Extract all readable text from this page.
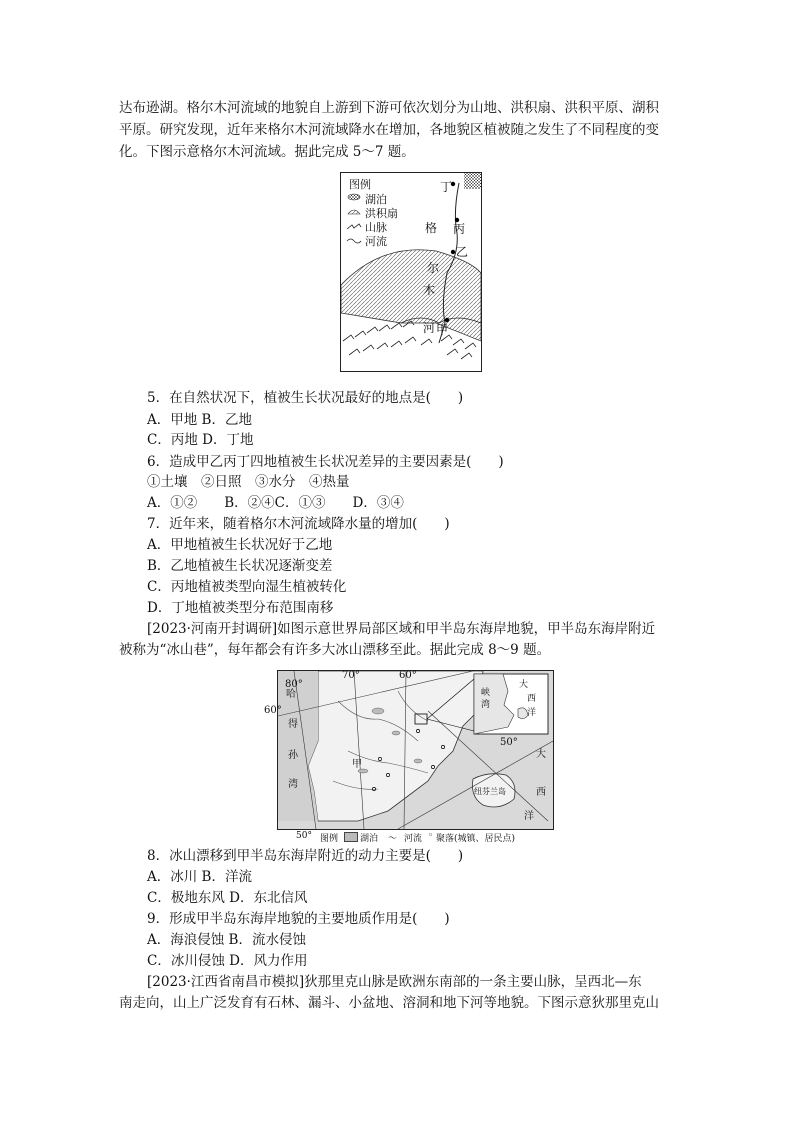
达布逊湖。格尔木河流域的地貌自上游到下游可依次划分为山地、洪积扇、洪积平原、湖积
平原。研究发现，近年来格尔木河流域降水在增加，各地貌区植被随之发生了不同程度的变
化。下图示意格尔木河流域。据此完成 5～7 题。
图例
湖泊
洪积扇
山脉
河流
丁
丙
乙
甲
格
尔
木
河
5．在自然状况下，植被生长状况最好的地点是(　　)
A．甲地 B．乙地
C．丙地 D．丁地
6．造成甲乙丙丁四地植被生长状况差异的主要因素是(　　)
①土壤　②日照　③水分　④热量
A．①②　　B．②④C．①③　　D．③④
7．近年来，随着格尔木河流域降水量的增加(　　)
A．甲地植被生长状况好于乙地
B．乙地植被生长状况逐渐变差
C．丙地植被类型向湿生植被转化
D．丁地植被类型分布范围南移
[2023·河南开封调研]如图示意世界局部区域和甲半岛东海岸地貌，甲半岛东海岸附近
被称为“冰山巷”，每年都会有许多大冰山漂移至此。据此完成 8～9 题。
80°
70°	60°
60°
50°
哈
得
孙
湾
甲
大
西
洋
纽芬兰岛
峡
湾
大
西
洋
50° 图例 湖泊 ～ 河流 ◦ 聚落(城镇、居民点)
8．冰山漂移到甲半岛东海岸附近的动力主要是(　　)
A．冰川 B．洋流
C．极地东风 D．东北信风
9．形成甲半岛东海岸地貌的主要地质作用是(　　)
A．海浪侵蚀 B．流水侵蚀
C．冰川侵蚀 D．风力作用
[2023·江西省南昌市模拟]狄那里克山脉是欧洲东南部的一条主要山脉，呈西北—东
南走向，山上广泛发育有石林、漏斗、小盆地、溶洞和地下河等地貌。下图示意狄那里克山
